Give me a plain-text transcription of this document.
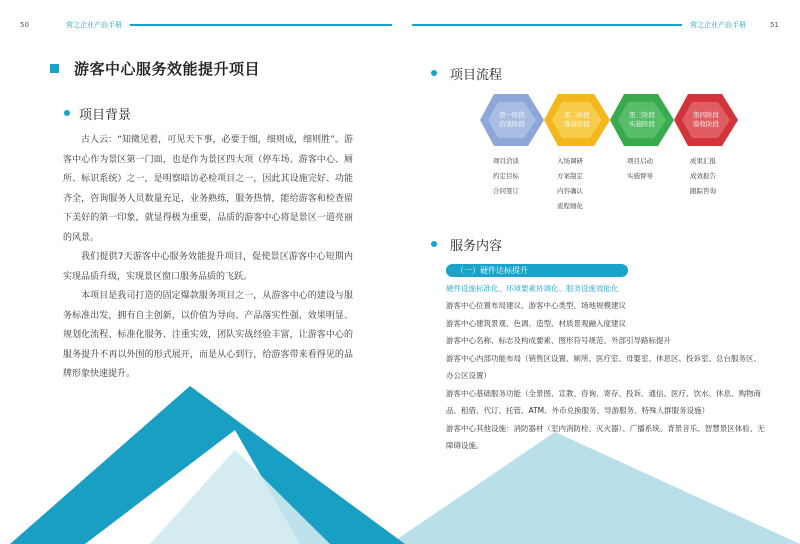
50	营之企业产品手册	营之企业产品手册	51
游客中心服务效能提升项目
项目背景

古人云：“知微见着，可见天下事，必要于细，细则成，细则胜”。游客中心作为景区第一门面，也是作为景区四大项（停车场、游客中心、厕所、标识系统）之一，是明察暗访必检项目之一，因此其设施完好、功能齐全，咨询服务人员数量充足，业务熟练，服务热情，能给游客和检查留下美好的第一印象，就显得极为重要，品质的游客中心将是景区一道亮丽的风景。

我们提供7天游客中心服务效能提升项目，促使景区游客中心短期内实现品质升级，实现景区窗口服务品质的飞跃。

本项目是我司打造的固定爆款服务项目之一，从游客中心的建设与服务标准出发，拥有自主创新，以价值为导向、产品落实性强、效果明显、规划化流程、标准化服务、注重实效，团队实战经验丰富，让游客中心的服务提升不再以外围的形式展开，而是从心到行，给游客带来看得见的品牌形象快速提升。

项目流程
第一阶段
洽谈阶段
第二阶段
筹备阶段
第三阶段
实施阶段
第四阶段
验收阶段
项目洽谈
约定目标
合同签订
入场调研
方案制定
内容确认
流程细化
项目启动
实施督导
成果汇报
成效报告
跟踪咨询
服务内容
（一）硬件达标提升
硬件设施标准化、环境要素协调化、服务设施效能化
游客中心位置布局建议、游客中心类型、场地规模建议
游客中心建筑景观、色调、造型、材质景观融入度建议
游客中心名称、标志及构成要素、图形符号规范、外部引导路标提升
游客中心内部功能布局（销售区设置、厕所、医疗室、母婴室、休息区、投诉室、总台服务区、办公区设置）
游客中心基础服务功能（全景图、宣教、咨询、寄存、投诉、通信、医疗、饮水、休息、购物商品、租借、代订、托管、ATM、外币兑换服务、导游服务、特殊人群服务设施）
游客中心其他设施：消防器材（室内消防栓、灭火器）、广播系统、背景音乐、智慧景区体验、无障碍设施。
